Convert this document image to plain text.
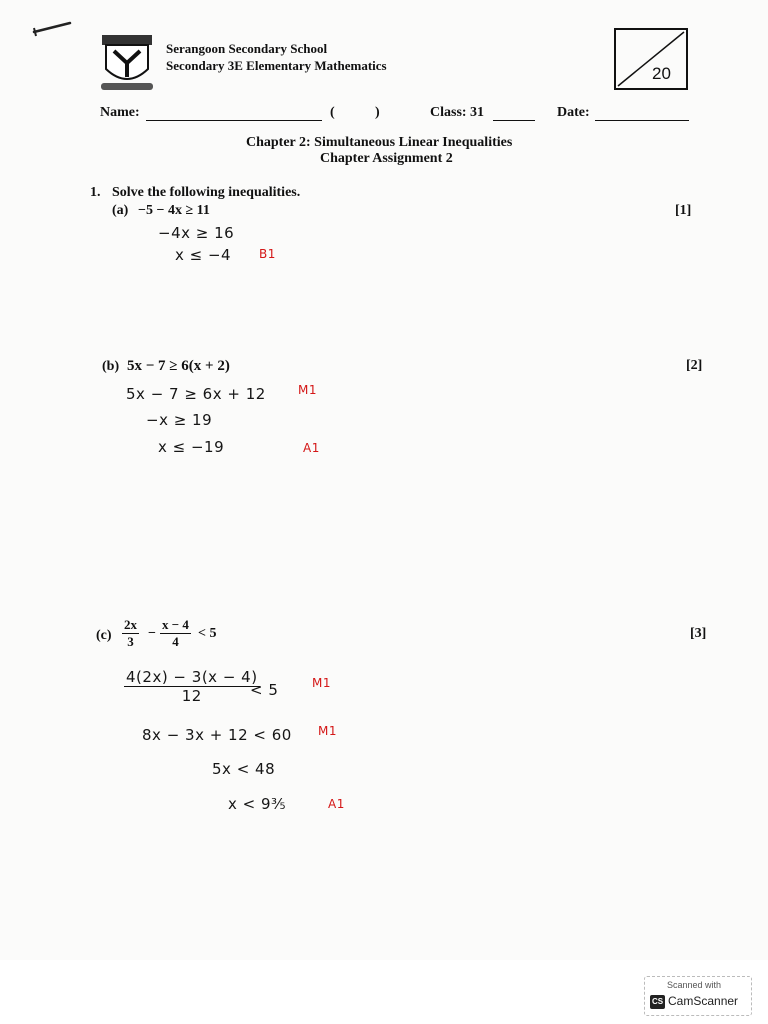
Serangoon Secondary School
Secondary 3E Elementary Mathematics	20
Name:	(	)	Class: 31	Date:
Chapter 2: Simultaneous Linear Inequalities
Chapter Assignment 2
1. Solve the following inequalities.
(a) −5 − 4x ≥ 11	[1]
−4x ≥ 16
x ≤ −4 B1
(b) 5x − 7 ≥ 6(x + 2)	[2]
5x − 7 ≥ 6x + 12	M1
−x ≥ 19
x ≤ −19	A1
$(c) \frac{2x}{3} - \frac{x - 4}{4} < 5$	[3]
$\frac{4(2x) - 3(x - 4)}{12}$
< 5	M1
8x − 3x + 12 < 60 M1
5x < 48
x < 9⅗	A1
Scanned with
CS CamScanner
